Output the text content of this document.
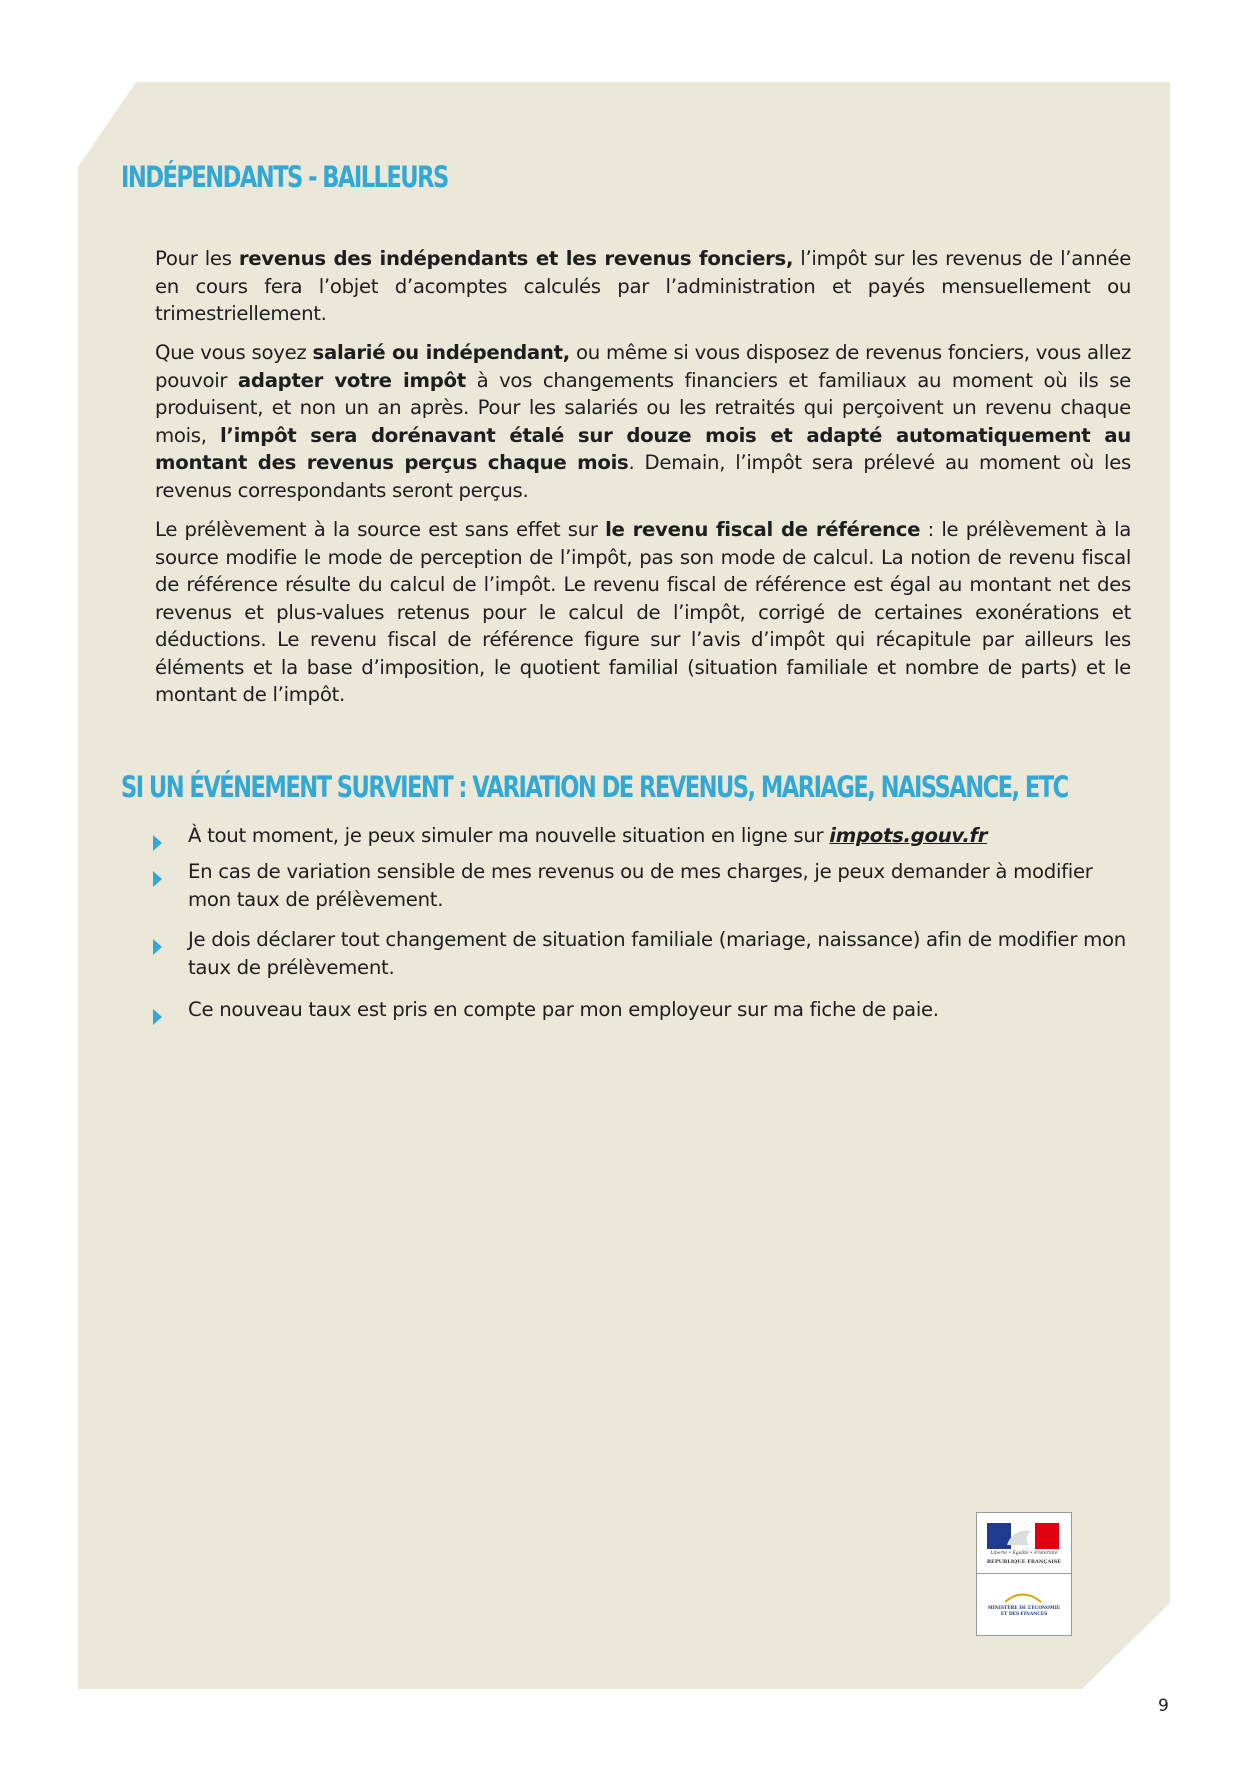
INDÉPENDANTS - BAILLEURS

Pour les revenus des indépendants et les revenus fonciers, l’impôt sur les revenus de l’année en cours fera l’objet d’acomptes calculés par l’administration et payés mensuellement ou trimestriellement.

Que vous soyez salarié ou indépendant, ou même si vous disposez de revenus fonciers, vous allez pouvoir adapter votre impôt à vos changements financiers et familiaux au moment où ils se produisent, et non un an après. Pour les salariés ou les retraités qui perçoivent un revenu chaque mois, l’impôt sera dorénavant étalé sur douze mois et adapté automatiquement au montant des revenus perçus chaque mois. Demain, l’impôt sera prélevé au moment où les revenus correspondants seront perçus.

Le prélèvement à la source est sans effet sur le revenu fiscal de référence : le prélèvement à la source modifie le mode de perception de l’impôt, pas son mode de calcul. La notion de revenu fiscal de référence résulte du calcul de l’impôt. Le revenu fiscal de référence est égal au montant net des revenus et plus-values retenus pour le calcul de l’impôt, corrigé de certaines exonérations et déductions. Le revenu fiscal de référence figure sur l’avis d’impôt qui récapitule par ailleurs les éléments et la base d’imposition, le quotient familial (situation familiale et nombre de parts) et le montant de l’impôt.

SI UN ÉVÉNEMENT SURVIENT : VARIATION DE REVENUS, MARIAGE, NAISSANCE, ETC

À tout moment, je peux simuler ma nouvelle situation en ligne sur impots.gouv.fr

En cas de variation sensible de mes revenus ou de mes charges, je peux demander à modifier mon taux de prélèvement.

Je dois déclarer tout changement de situation familiale (mariage, naissance) afin de modifier mon taux de prélèvement.

Ce nouveau taux est pris en compte par mon employeur sur ma fiche de paie.

Liberté • Égalité • Fraternité
RÉPUBLIQUE FRANÇAISE
MINISTÈRE DE L’ÉCONOMIE
ET DES FINANCES
9
